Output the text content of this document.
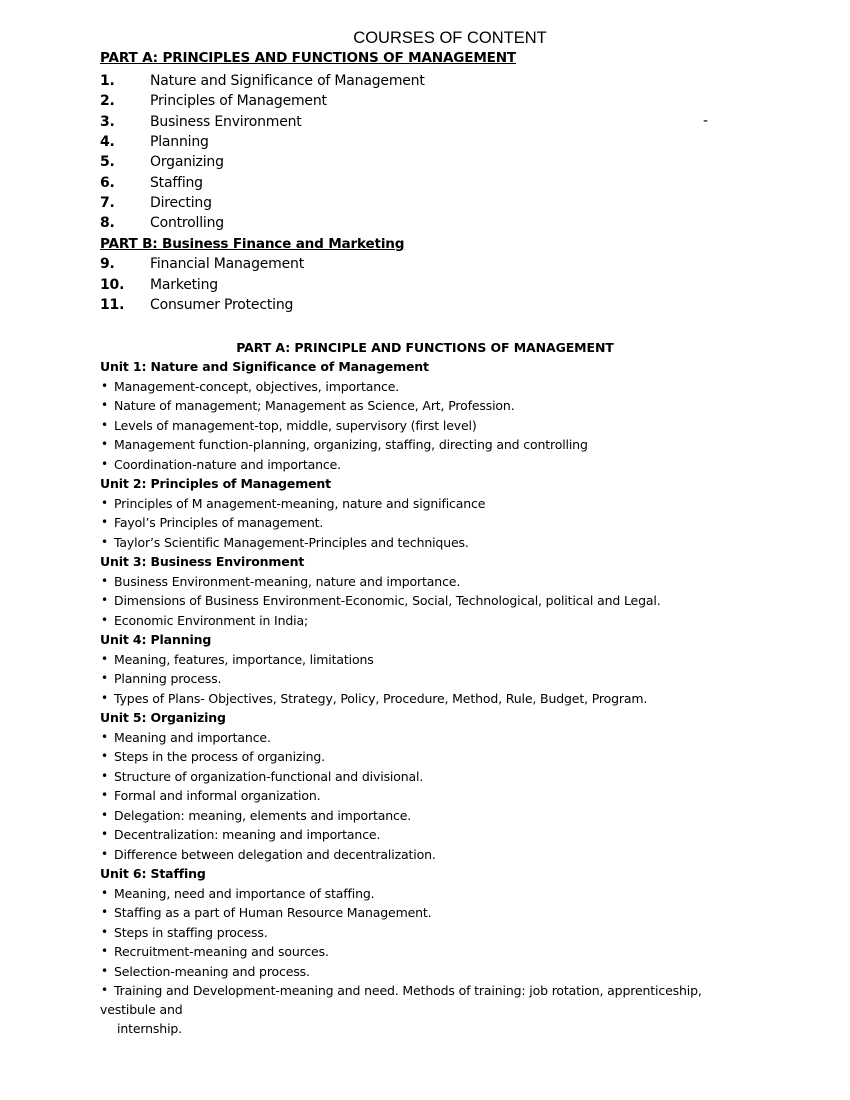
COURSES OF CONTENT
PART A: PRINCIPLES AND FUNCTIONS OF MANAGEMENT
1.	Nature and Significance of Management
2.	Principles of Management
3.	Business Environment
4.	Planning
5.	Organizing
6.	Staffing
7.	Directing
8.	Controlling
-
PART B: Business Finance and Marketing
9.	Financial Management
10. Marketing
11. Consumer Protecting
PART A: PRINCIPLE AND FUNCTIONS OF MANAGEMENT
Unit 1: Nature and Significance of Management
• Management-concept, objectives, importance.
• Nature of management; Management as Science, Art, Profession.
• Levels of management-top, middle, supervisory (first level)
• Management function-planning, organizing, staffing, directing and controlling
• Coordination-nature and importance.
Unit 2: Principles of Management
• Principles of M anagement-meaning, nature and significance
• Fayol’s Principles of management.
• Taylor’s Scientific Management-Principles and techniques.
Unit 3: Business Environment
• Business Environment-meaning, nature and importance.
• Dimensions of Business Environment-Economic, Social, Technological, political and Legal.
• Economic Environment in India;
Unit 4: Planning
• Meaning, features, importance, limitations
• Planning process.
• Types of Plans- Objectives, Strategy, Policy, Procedure, Method, Rule, Budget, Program.
Unit 5: Organizing
• Meaning and importance.
• Steps in the process of organizing.
• Structure of organization-functional and divisional.
• Formal and informal organization.
• Delegation: meaning, elements and importance.
• Decentralization: meaning and importance.
• Difference between delegation and decentralization.
Unit 6: Staffing
• Meaning, need and importance of staffing.
• Staffing as a part of Human Resource Management.
• Steps in staffing process.
• Recruitment-meaning and sources.
• Selection-meaning and process.
• Training and Development-meaning and need. Methods of training: job rotation, apprenticeship,
vestibule and
internship.
